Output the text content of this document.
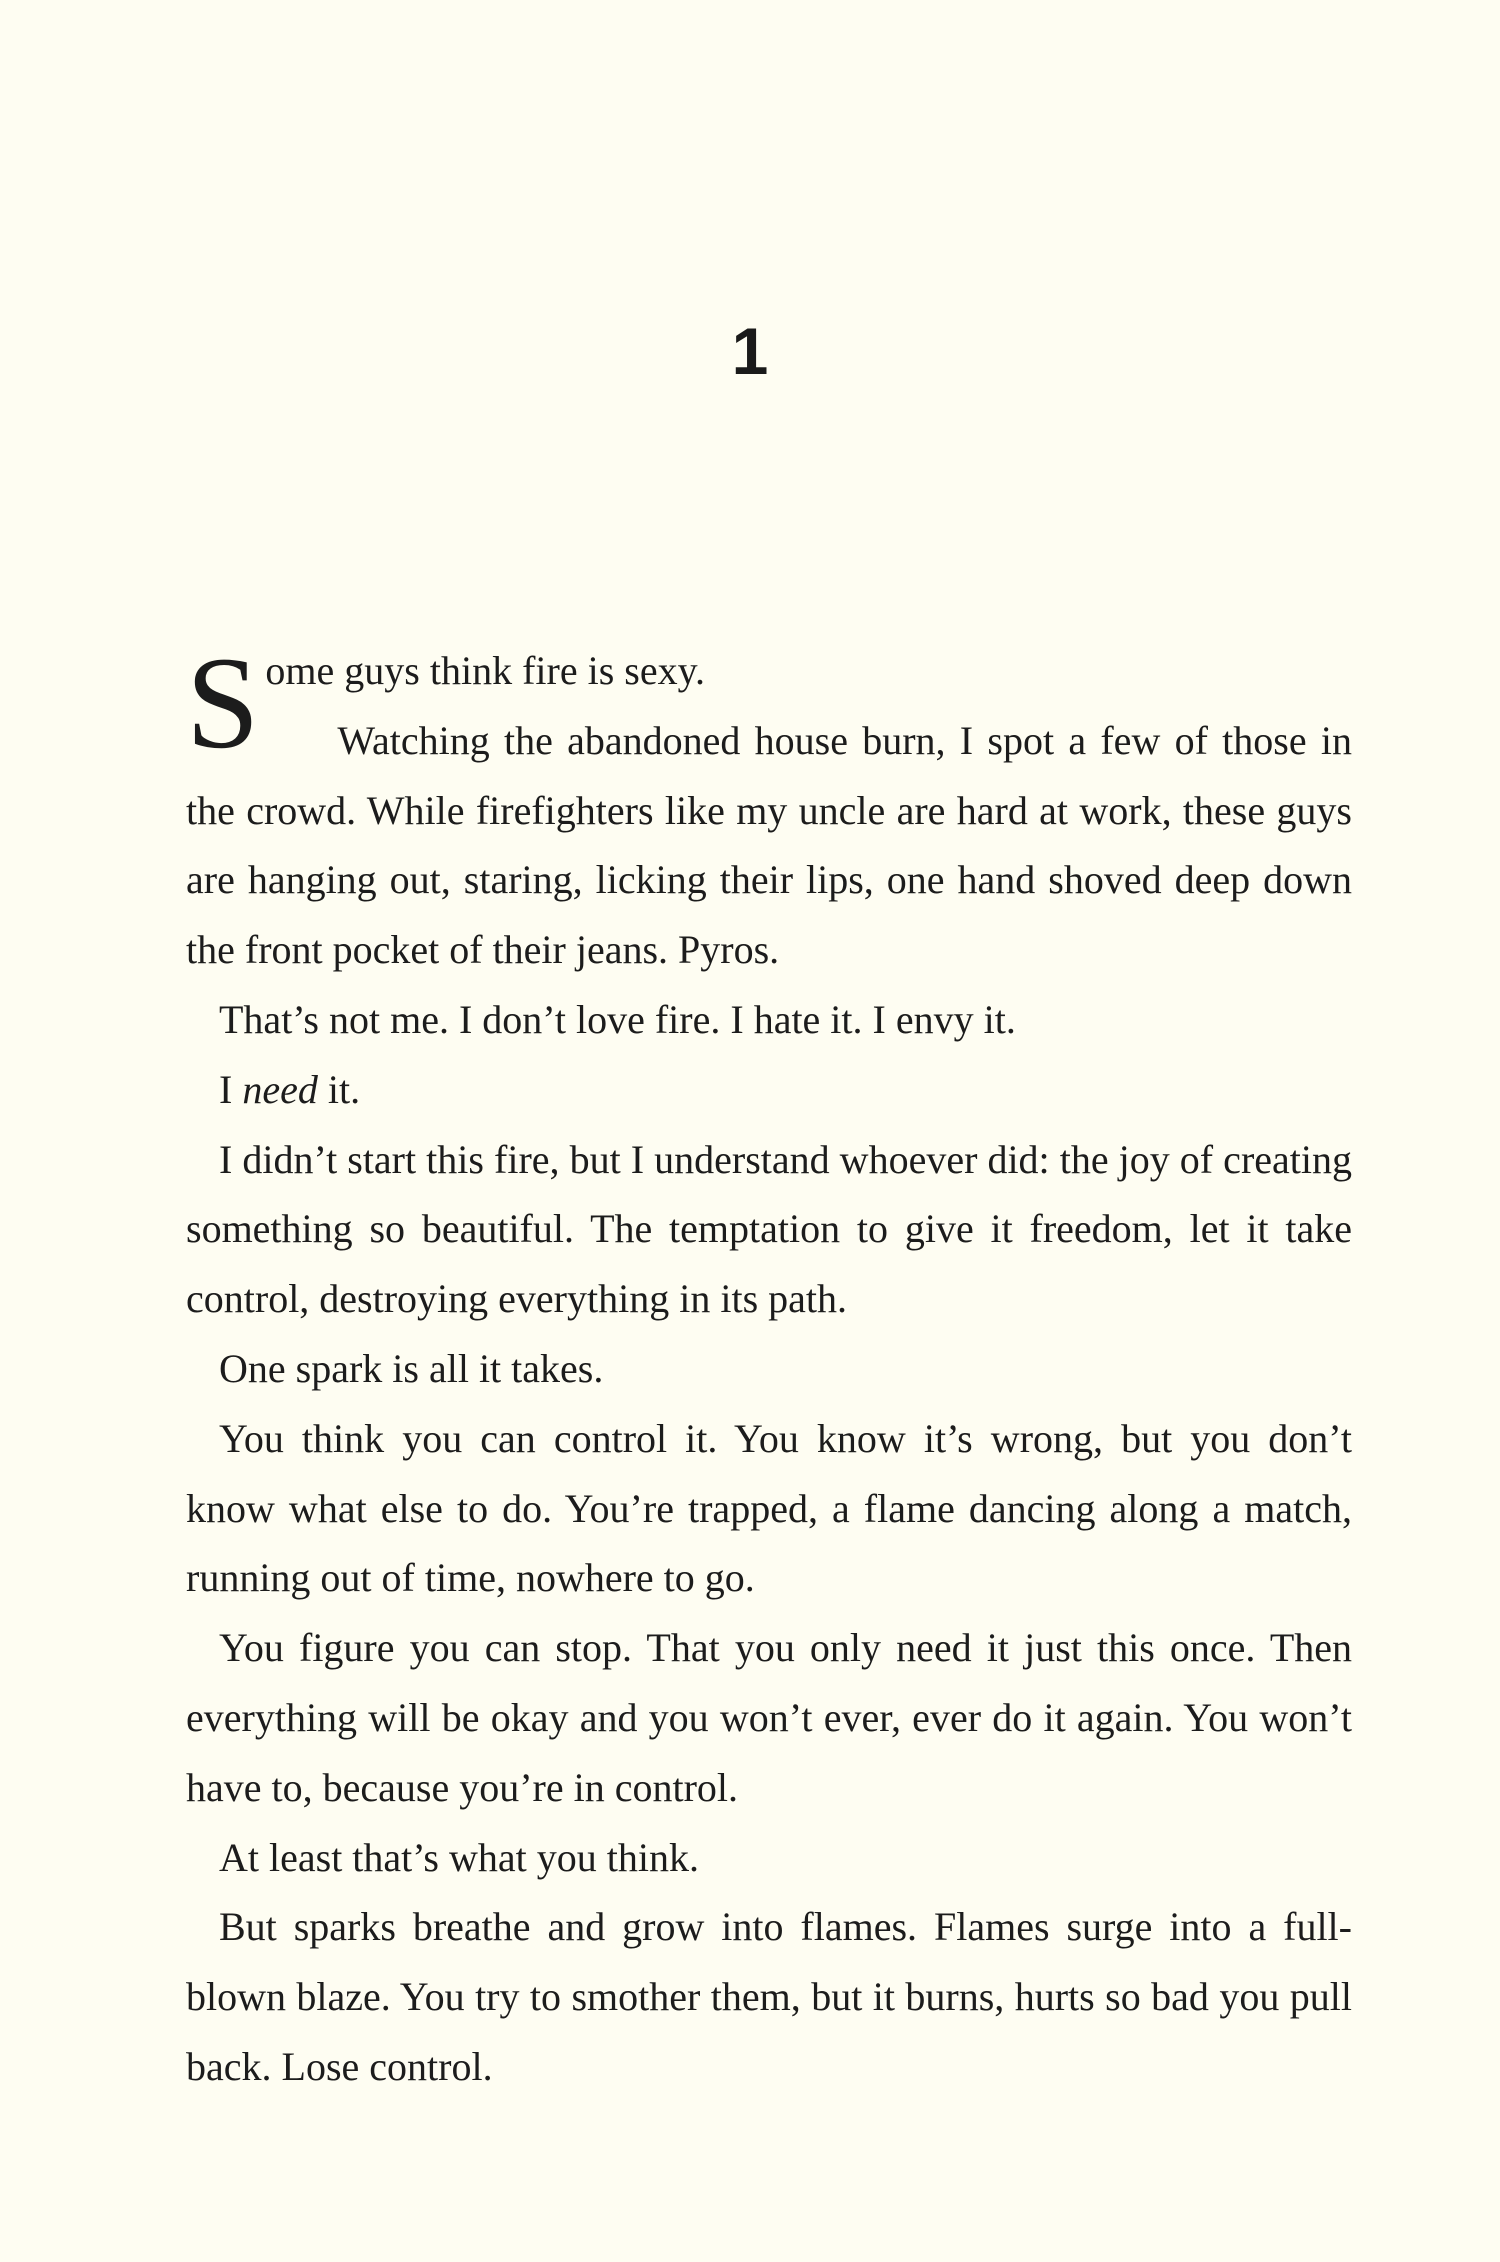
1

Some guys think fire is sexy.

Watching the abandoned house burn, I spot a few of those in the crowd. While firefighters like my uncle are hard at work, these guys are hanging out, staring, licking their lips, one hand shoved deep down the front pocket of their jeans. Pyros.

That’s not me. I don’t love fire. I hate it. I envy it.

I need it.

I didn’t start this fire, but I understand whoever did: the joy of creating something so beautiful. The temptation to give it freedom, let it take control, destroying everything in its path.

One spark is all it takes.

You think you can control it. You know it’s wrong, but you don’t know what else to do. You’re trapped, a flame dancing along a match, running out of time, nowhere to go.

You figure you can stop. That you only need it just this once. Then everything will be okay and you won’t ever, ever do it again. You won’t have to, because you’re in control.

At least that’s what you think.

But sparks breathe and grow into flames. Flames surge into a full-blown blaze. You try to smother them, but it burns, hurts so bad you pull back. Lose control.
